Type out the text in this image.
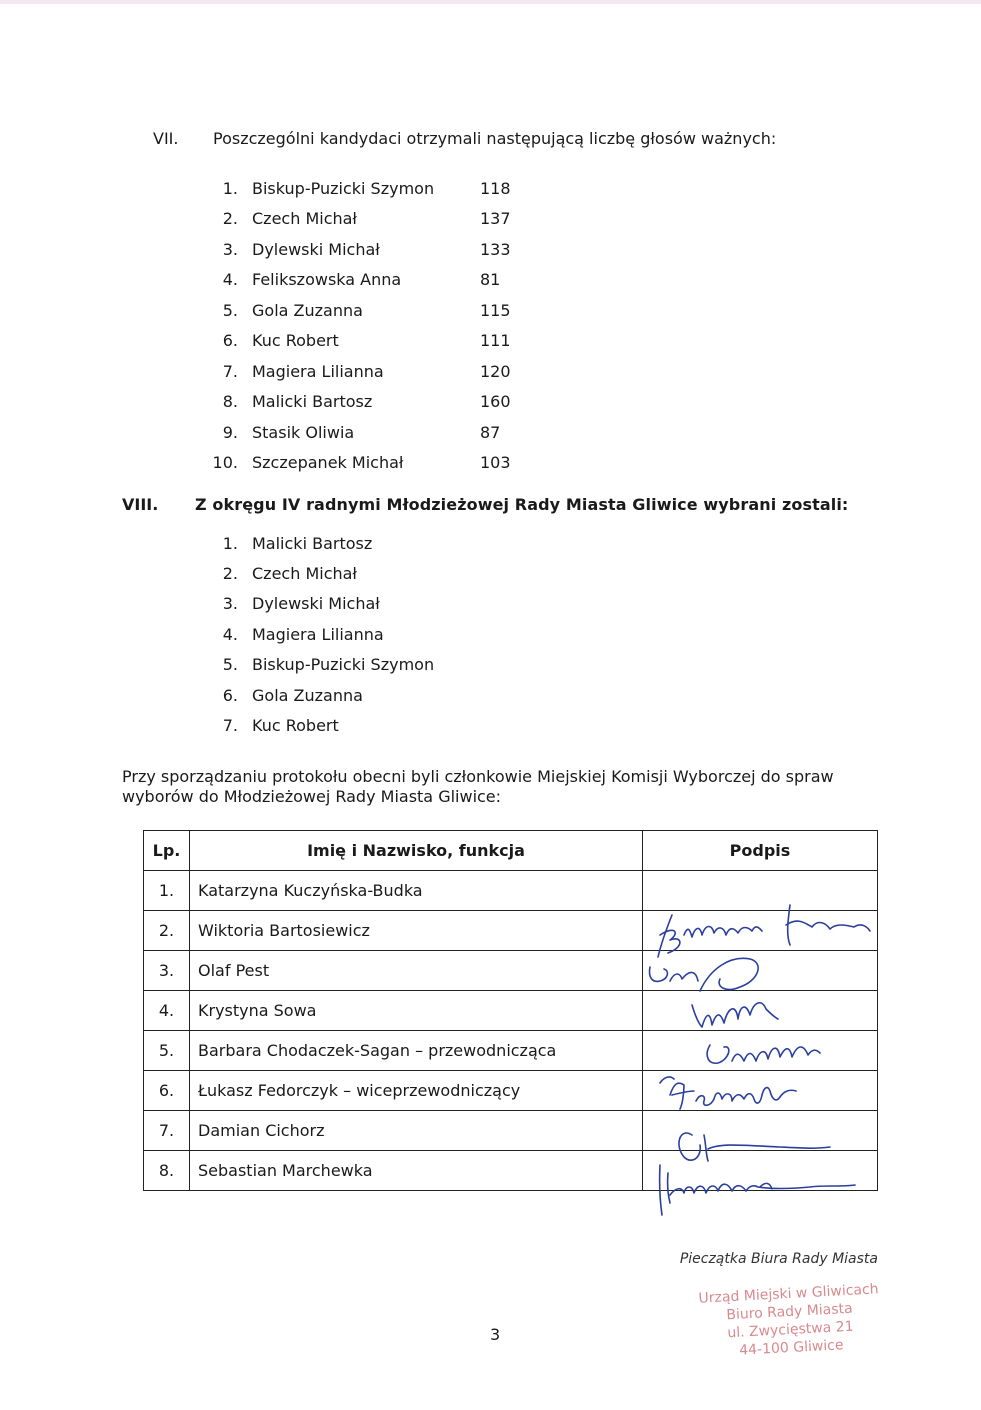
VII. Poszczególni kandydaci otrzymali następującą liczbę głosów ważnych:
1. Biskup-Puzicki Szymon	118
2. Czech Michał	137
3. Dylewski Michał	133
4. Felikszowska Anna	81
5. Gola Zuzanna	115
6. Kuc Robert	111
7. Magiera Lilianna	120
8. Malicki Bartosz	160
9. Stasik Oliwia	87
10. Szczepanek Michał	103
VIII. Z okręgu IV radnymi Młodzieżowej Rady Miasta Gliwice wybrani zostali:
1. Malicki Bartosz
2. Czech Michał
3. Dylewski Michał
4. Magiera Lilianna
5. Biskup-Puzicki Szymon
6. Gola Zuzanna
7. Kuc Robert
Przy sporządzaniu protokołu obecni byli członkowie Miejskiej Komisji Wyborczej do spraw wyborów do Młodzieżowej Rady Miasta Gliwice:
Lp.	Imię i Nazwisko, funkcja	Podpis
1.	Katarzyna Kuczyńska-Budka	
2.	Wiktoria Bartosiewicz	
3.	Olaf Pest	
4.	Krystyna Sowa	
5.	Barbara Chodaczek-Sagan – przewodnicząca	
6.	Łukasz Fedorczyk – wiceprzewodniczący	
7.	Damian Cichorz	
8.	Sebastian Marchewka	
Pieczątka Biura Rady Miasta
Urząd Miejski w Gliwicach
Biuro Rady Miasta
ul. Zwycięstwa 21
44-100 Gliwice
3
